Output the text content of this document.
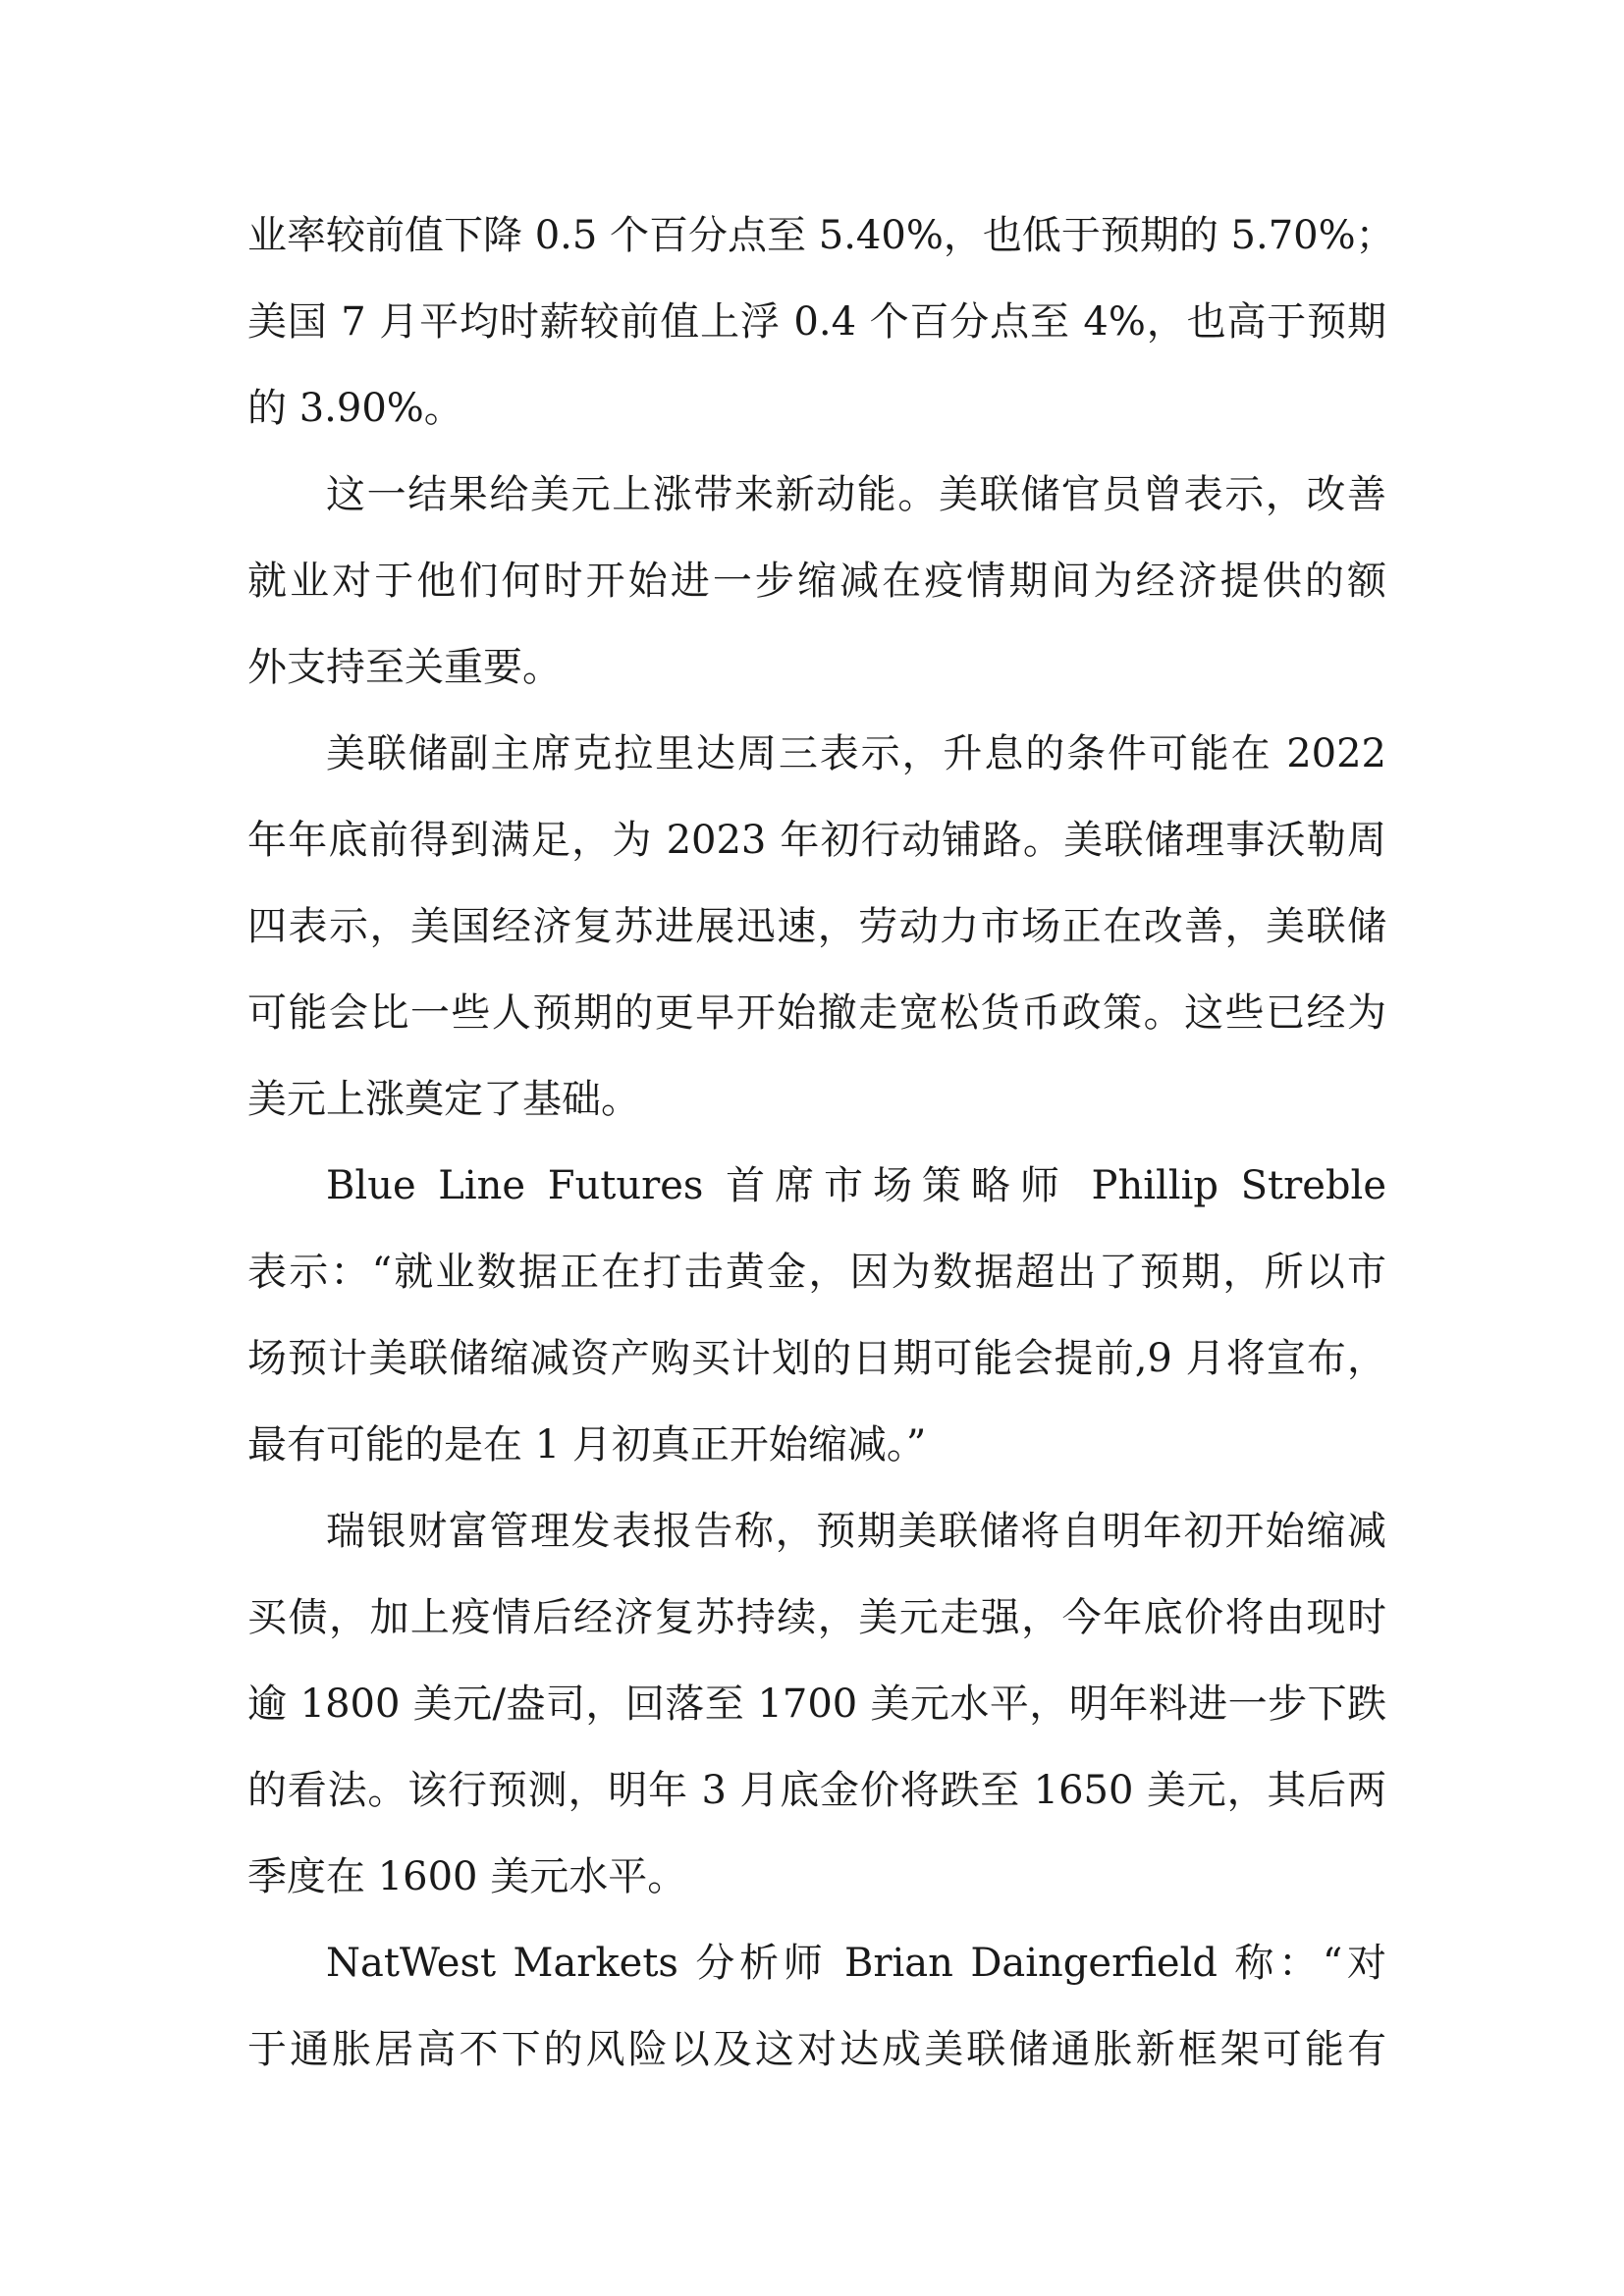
业率较前值下降 0.5 个百分点至 5.40%，也低于预期的 5.70%；
美国 7 月平均时薪较前值上浮 0.4 个百分点至 4%，也高于预期
的 3.90%。
这一结果给美元上涨带来新动能。美联储官员曾表示，改善
就业对于他们何时开始进一步缩减在疫情期间为经济提供的额
外支持至关重要。
美联储副主席克拉里达周三表示，升息的条件可能在 2022
年年底前得到满足，为 2023 年初行动铺路。美联储理事沃勒周
四表示，美国经济复苏进展迅速，劳动力市场正在改善，美联储
可能会比一些人预期的更早开始撤走宽松货币政策。这些已经为
美元上涨奠定了基础。
Blue Line Futures 首席市场策略师 Phillip Streble
表示：“就业数据正在打击黄金，因为数据超出了预期，所以市
场预计美联储缩减资产购买计划的日期可能会提前,9 月将宣布，
最有可能的是在 1 月初真正开始缩减。”
瑞银财富管理发表报告称，预期美联储将自明年初开始缩减
买债，加上疫情后经济复苏持续，美元走强，今年底价将由现时
逾 1800 美元/盎司，回落至 1700 美元水平，明年料进一步下跌
的看法。该行预测，明年 3 月底金价将跌至 1650 美元，其后两
季度在 1600 美元水平。
NatWest Markets 分析师 Brian Daingerfield 称：“对
于通胀居高不下的风险以及这对达成美联储通胀新框架可能有
